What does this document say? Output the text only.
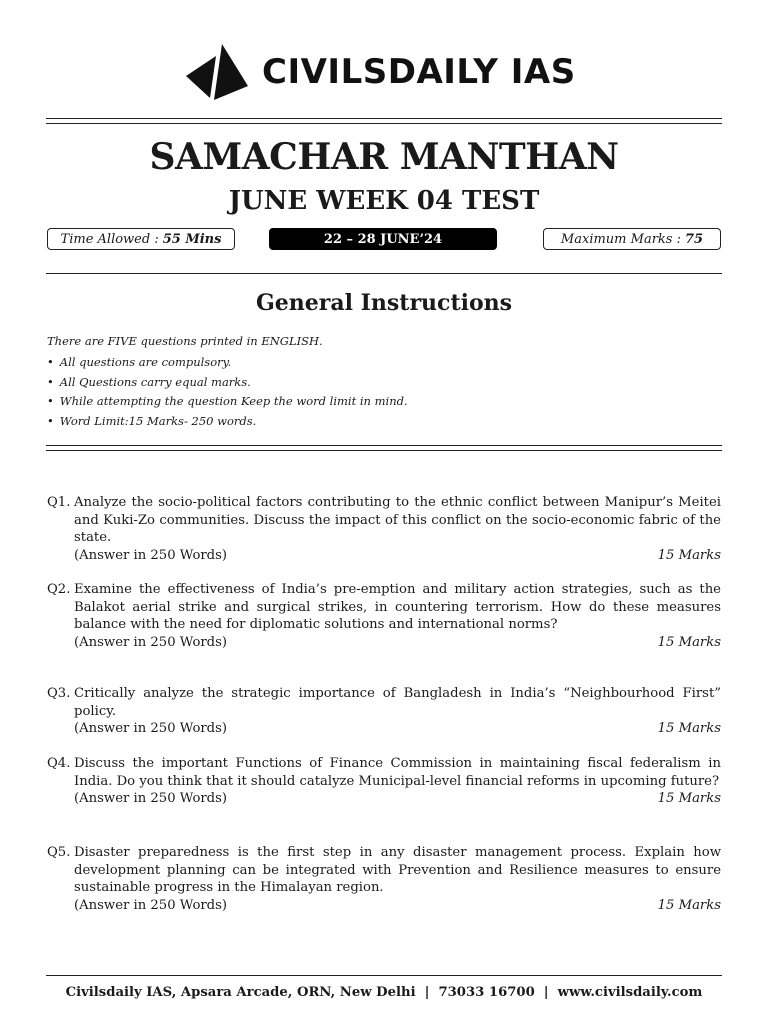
CIVILSDAILY IAS
SAMACHAR MANTHAN
JUNE WEEK 04 TEST
Time Allowed : 55 Mins	22 – 28 JUNE’24	Maximum Marks : 75
General Instructions
There are FIVE questions printed in ENGLISH.
• All questions are compulsory.
• All Questions carry equal marks.
• While attempting the question Keep the word limit in mind.
• Word Limit:15 Marks- 250 words.
Q1. Analyze the socio-political factors contributing to the ethnic conflict between Manipur’s Meitei and Kuki-Zo communities. Discuss the impact of this conflict on the socio-economic fabric of the state.
(Answer in 250 Words)	15 Marks
Q2. Examine the effectiveness of India’s pre-emption and military action strategies, such as the Balakot aerial strike and surgical strikes, in countering terrorism. How do these measures balance with the need for diplomatic solutions and international norms?
(Answer in 250 Words)	15 Marks
Q3. Critically analyze the strategic importance of Bangladesh in India’s “Neighbourhood First” policy.
(Answer in 250 Words)	15 Marks
Q4. Discuss the important Functions of Finance Commission in maintaining fiscal federalism in India. Do you think that it should catalyze Municipal-level financial reforms in upcoming future?
(Answer in 250 Words)	15 Marks
Q5. Disaster preparedness is the first step in any disaster management process. Explain how development planning can be integrated with Prevention and Resilience measures to ensure sustainable progress in the Himalayan region.
(Answer in 250 Words)	15 Marks
Civilsdaily IAS, Apsara Arcade, ORN, New Delhi | 73033 16700 | www.civilsdaily.com
